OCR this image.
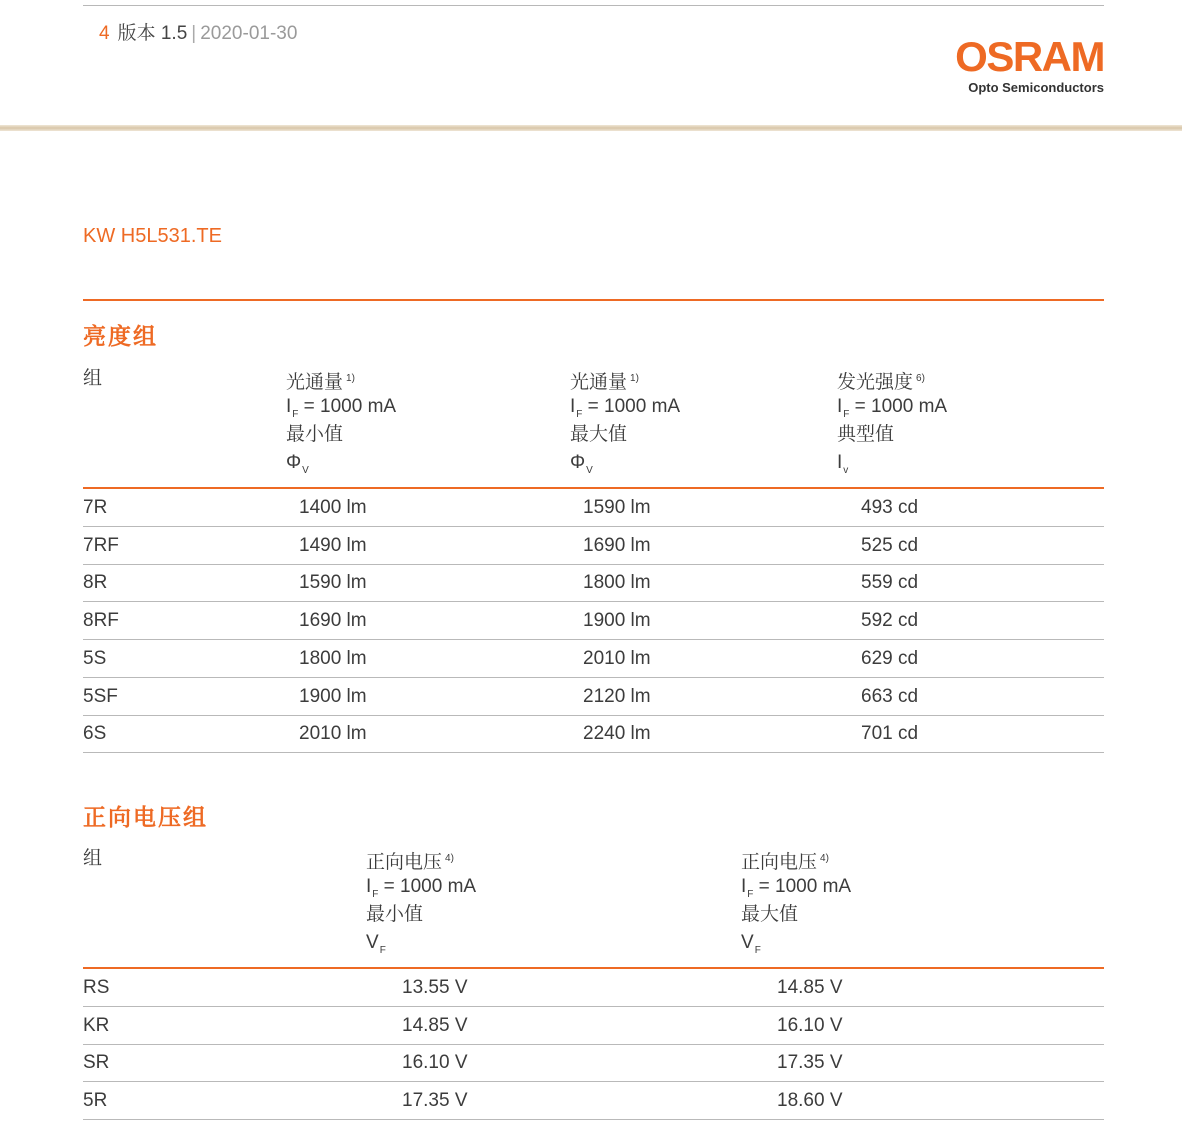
4 版本 1.5 | 2020-01-30	OSRAM
Opto Semiconductors
KW H5L531.TE
亮度组
组	光通量 $^{1)}$
$I_F = 1000$ mA
最小值
$\Phi_V$
光通量 $^{1)}$
$I_F = 1000$ mA
最大值
$\Phi_V$
发光强度 $^{6)}$
$I_F = 1000$ mA
典型值
$I_v$
7R	1400 lm	1590 lm	493 cd
7RF	1490 lm	1690 lm	525 cd
8R	1590 lm	1800 lm	559 cd
8RF	1690 lm	1900 lm	592 cd
5S	1800 lm	2010 lm	629 cd
5SF	1900 lm	2120 lm	663 cd
6S	2010 lm	2240 lm	701 cd
正向电压组
组	正向电压 $^{4)}$
$I_F = 1000$ mA
最小值
$V_F$
正向电压 $^{4)}$
$I_F = 1000$ mA
最大值
$V_F$
RS	13.55 V	14.85 V
KR	14.85 V	16.10 V
SR	16.10 V	17.35 V
5R	17.35 V	18.60 V
